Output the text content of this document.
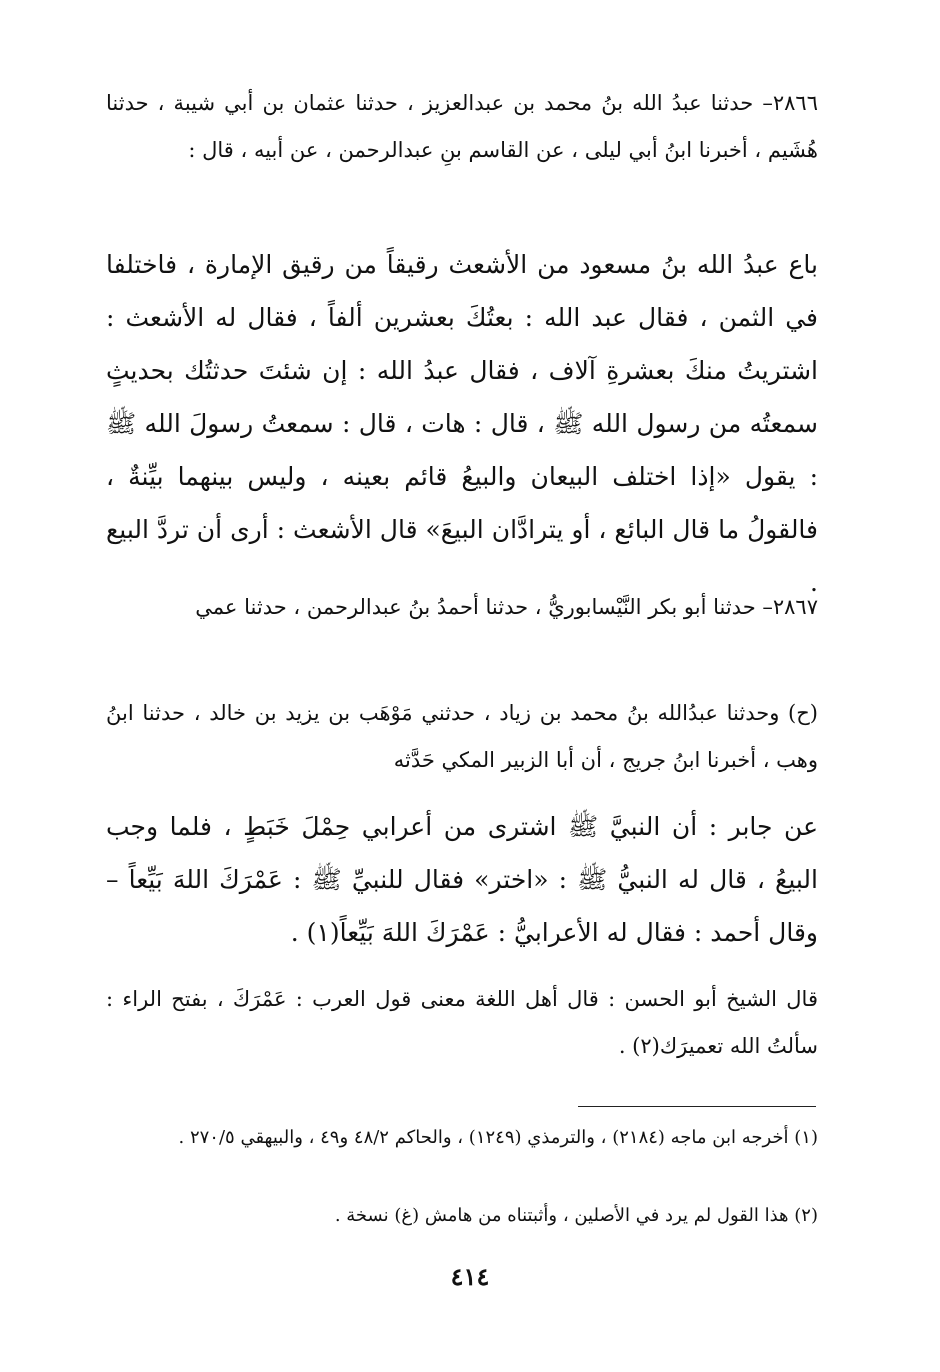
٢٨٦٦– حدثنا عبدُ الله بنُ محمد بن عبدالعزيز ، حدثنا عثمان بن أبي شيبة ، حدثنا هُشَيم ، أخبرنا ابنُ أبي ليلى ، عن القاسم بنِ عبدالرحمن ، عن أبيه ، قال :

باع عبدُ الله بنُ مسعود من الأشعث رقيقاً من رقيق الإمارة ، فاختلفا في الثمن ، فقال عبد الله : بعتُكَ بعشرين ألفاً ، فقال له الأشعث : اشتريتُ منكَ بعشرةِ آلاف ، فقال عبدُ الله : إن شئتَ حدثتُك بحديثٍ سمعتُه من رسول الله ﷺ ، قال : هات ، قال : سمعتُ رسولَ الله ﷺ : يقول «إذا اختلف البيعان والبيعُ قائم بعينه ، وليس بينهما بيِّنةٌ ، فالقولُ ما قال البائع ، أو يترادَّان البيعَ» قال الأشعث : أرى أن تردَّ البيع .

٢٨٦٧– حدثنا أبو بكر النَّيْسابوريُّ ، حدثنا أحمدُ بنُ عبدالرحمن ، حدثنا عمي

(ح) وحدثنا عبدُالله بنُ محمد بن زياد ، حدثني مَوْهَب بن يزيد بن خالد ، حدثنا ابنُ وهب ، أخبرنا ابنُ جريج ، أن أبا الزبير المكي حَدَّثه

عن جابر : أن النبيَّ ﷺ اشترى من أعرابي حِمْلَ خَبَطٍ ، فلما وجب البيعُ ، قال له النبيُّ ﷺ : «اختر» فقال للنبيِّ ﷺ : عَمْرَكَ اللهَ بَيِّعاً – وقال أحمد : فقال له الأعرابيُّ : عَمْرَكَ اللهَ بَيِّعاً(١) .

قال الشيخ أبو الحسن : قال أهل اللغة معنى قول العرب : عَمْرَكَ ، بفتح الراء : سألتُ الله تعميرَك(٢) .

(١) أخرجه ابن ماجه (٢١٨٤) ، والترمذي (١٢٤٩) ، والحاكم ٤٨/٢ و٤٩ ، والبيهقي ٢٧٠/٥ .

(٢) هذا القول لم يرد في الأصلين ، وأثبتناه من هامش (غ) نسخة .

٤١٤
